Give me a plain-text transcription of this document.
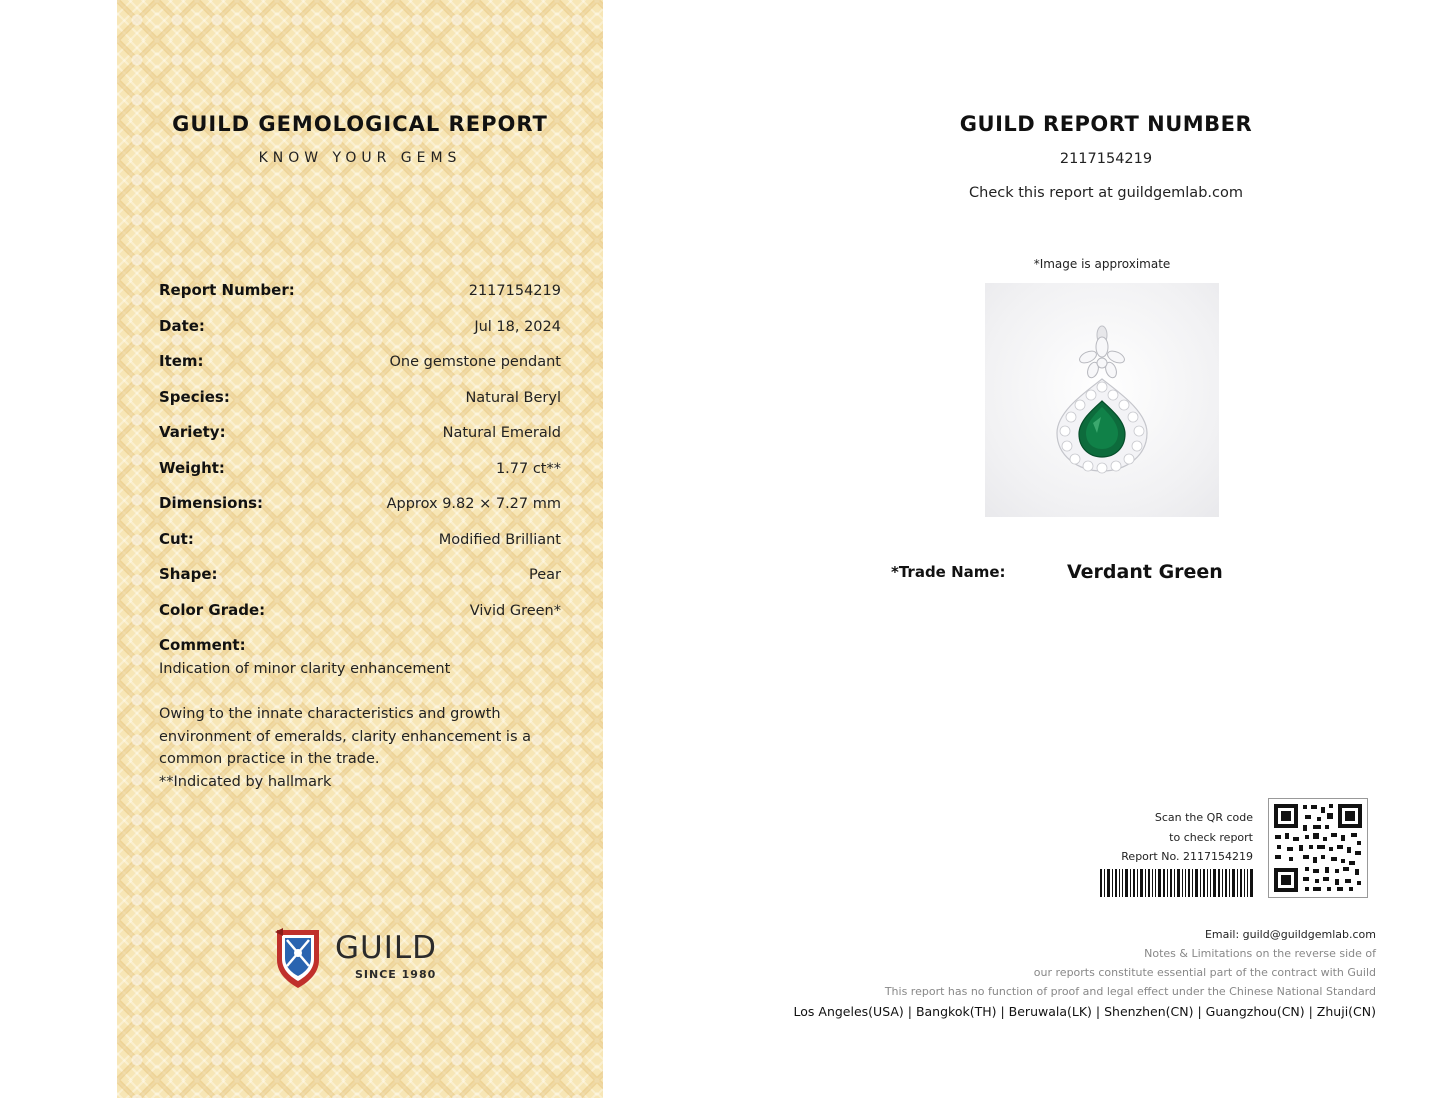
GUILD GEMOLOGICAL REPORT
KNOW YOUR GEMS
Report Number:	2117154219
Date:	Jul 18, 2024
Item:	One gemstone pendant
Species:	Natural Beryl
Variety:	Natural Emerald
Weight:	1.77 ct**
Dimensions:	Approx 9.82 × 7.27 mm
Cut:	Modified Brilliant
Shape:	Pear
Color Grade:	Vivid Green*
Comment:
Indication of minor clarity enhancement
Owing to the innate characteristics and growth
environment of emeralds, clarity enhancement is a
common practice in the trade.
**Indicated by hallmark
GUILD
SINCE 1980
GUILD REPORT NUMBER
2117154219
Check this report at guildgemlab.com
*Image is approximate
*Trade Name:	Verdant Green
Scan the QR code
to check report
Report No. 2117154219
Email: guild@guildgemlab.com
Notes & Limitations on the reverse side of
our reports constitute essential part of the contract with Guild
This report has no function of proof and legal effect under the Chinese National Standard
Los Angeles(USA) | Bangkok(TH) | Beruwala(LK) | Shenzhen(CN) | Guangzhou(CN) | Zhuji(CN)
